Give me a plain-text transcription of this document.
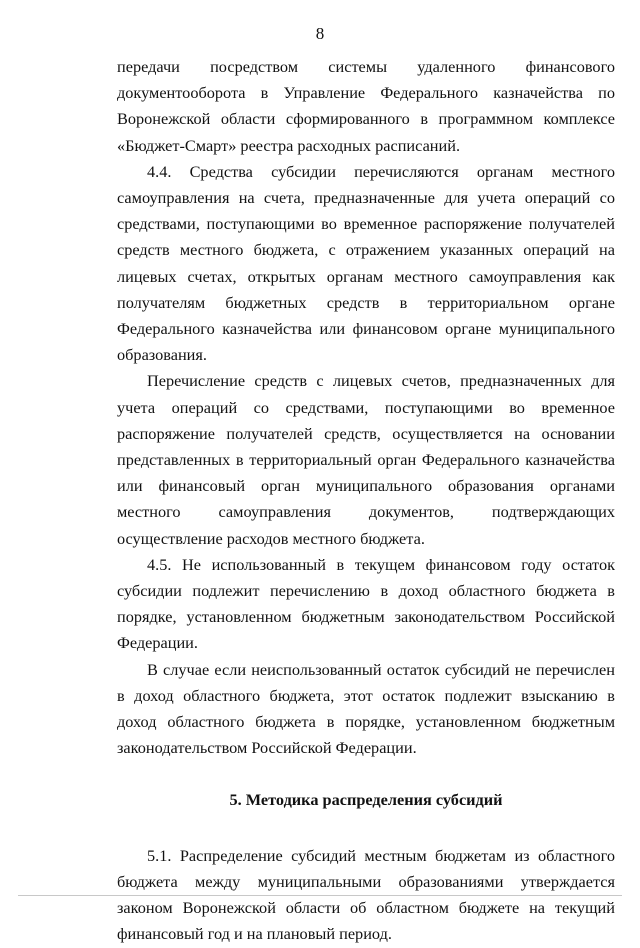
8

передачи посредством системы удаленного финансового документооборота в Управление Федерального казначейства по Воронежской области сформированного в программном комплексе «Бюджет-Смарт» реестра расходных расписаний.

4.4. Средства субсидии перечисляются органам местного самоуправления на счета, предназначенные для учета операций со средствами, поступающими во временное распоряжение получателей средств местного бюджета, с отражением указанных операций на лицевых счетах, открытых органам местного самоуправления как получателям бюджетных средств в территориальном органе Федерального казначейства или финансовом органе муниципального образования.

Перечисление средств с лицевых счетов, предназначенных для учета операций со средствами, поступающими во временное распоряжение получателей средств, осуществляется на основании представленных в территориальный орган Федерального казначейства или финансовый орган муниципального образования органами местного самоуправления документов, подтверждающих осуществление расходов местного бюджета.

4.5. Не использованный в текущем финансовом году остаток субсидии подлежит перечислению в доход областного бюджета в порядке, установленном бюджетным законодательством Российской Федерации.

В случае если неиспользованный остаток субсидий не перечислен в доход областного бюджета, этот остаток подлежит взысканию в доход областного бюджета в порядке, установленном бюджетным законодательством Российской Федерации.

5. Методика распределения субсидий

5.1. Распределение субсидий местным бюджетам из областного бюджета между муниципальными образованиями утверждается законом Воронежской области об областном бюджете на текущий финансовый год и на плановый период.
